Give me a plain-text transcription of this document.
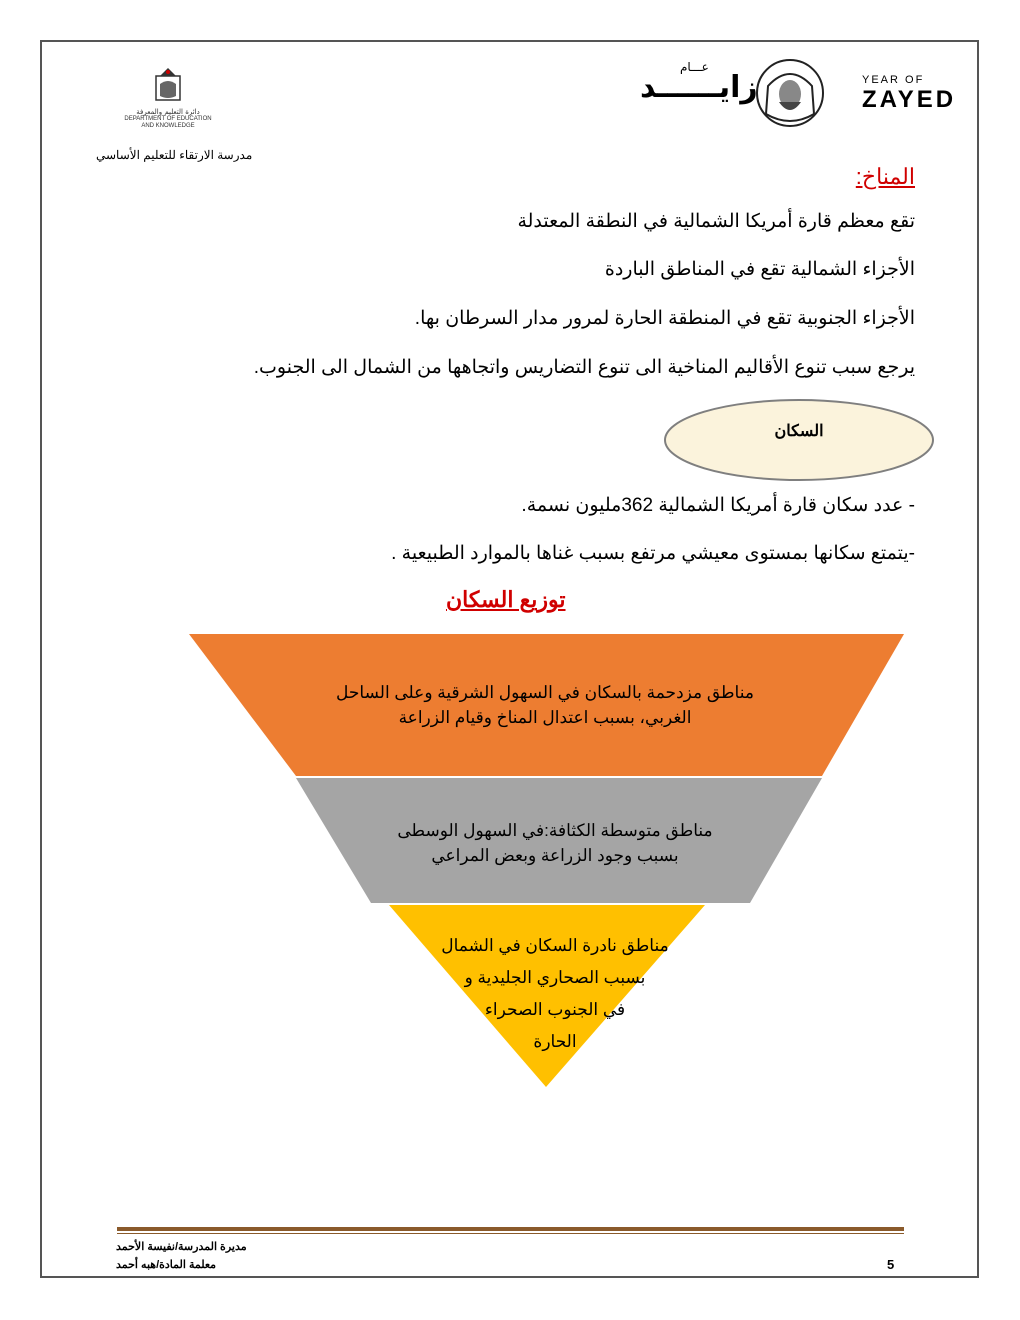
دائرة التعليم والمعرفة
DEPARTMENT OF EDUCATION
AND KNOWLEDGE
مدرسة الارتقاء للتعليم الأساسي
عـــام
زايــــــد	YEAR OF
ZAYED
المناخ:
تقع معظم قارة أمريكا الشمالية في النطقة المعتدلة
الأجزاء الشمالية تقع في المناطق الباردة
الأجزاء الجنوبية تقع في المنطقة الحارة لمرور مدار السرطان بها.
يرجع سبب تنوع الأقاليم المناخية الى تنوع التضاريس واتجاهها من الشمال الى الجنوب.
السكان
- عدد سكان قارة أمريكا الشمالية 362مليون نسمة.
-يتمتع سكانها بمستوى معيشي مرتفع بسبب غناها بالموارد الطبيعية .
توزيع السكان
مناطق مزدحمة بالسكان في السهول الشرقية وعلى الساحل
الغربي، بسبب اعتدال المناخ وقيام الزراعة
مناطق متوسطة الكثافة:في السهول الوسطى
بسبب وجود الزراعة وبعض المراعي
مناطق نادرة السكان في الشمال
بسبب الصحاري الجليدية و
في الجنوب الصحراء
الحارة
مديرة المدرسة/نفيسة الأحمد
معلمة المادة/هبه أحمد	5
